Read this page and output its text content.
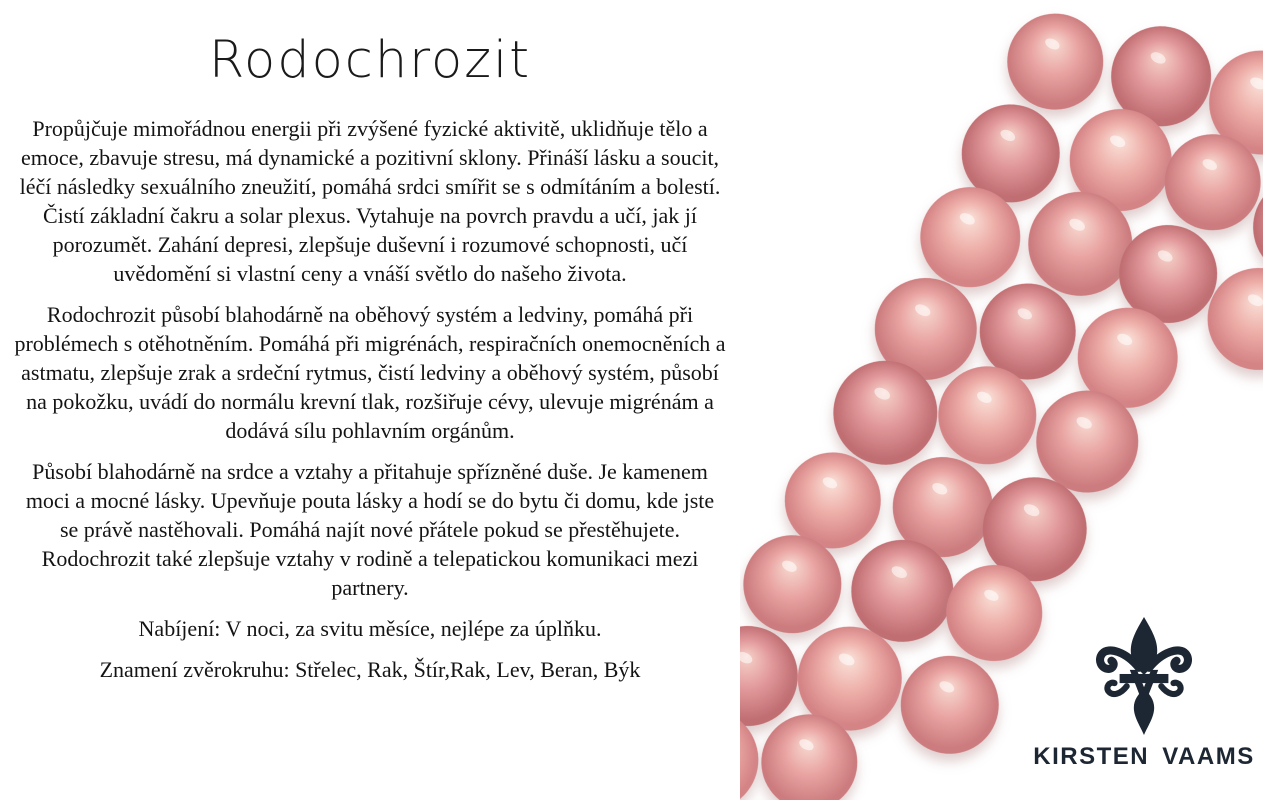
Rodochrozit

Propůjčuje mimořádnou energii při zvýšené fyzické aktivitě, uklidňuje tělo a emoce, zbavuje stresu, má dynamické a pozitivní sklony. Přináší lásku a soucit, léčí následky sexuálního zneužití, pomáhá srdci smířit se s odmítáním a bolestí. Čistí základní čakru a solar plexus. Vytahuje na povrch pravdu a učí, jak jí porozumět. Zahání depresi, zlepšuje duševní i rozumové schopnosti, učí uvědomění si vlastní ceny a vnáší světlo do našeho života.

Rodochrozit působí blahodárně na oběhový systém a ledviny, pomáhá při problémech s otěhotněním. Pomáhá při migrénách, respiračních onemocněních a astmatu, zlepšuje zrak a srdeční rytmus, čistí ledviny a oběhový systém, působí na pokožku, uvádí do normálu krevní tlak, rozšiřuje cévy, ulevuje migrénám a dodává sílu pohlavním orgánům.

Působí blahodárně na srdce a vztahy a přitahuje spřízněné duše. Je kamenem moci a mocné lásky. Upevňuje pouta lásky a hodí se do bytu či domu, kde jste se právě nastěhovali. Pomáhá najít nové přátele pokud se přestěhujete. Rodochrozit také zlepšuje vztahy v rodině a telepatickou komunikaci mezi partnery.

Nabíjení: V noci, za svitu měsíce, nejlépe za úplňku.

Znamení zvěrokruhu: Střelec, Rak, Štír,Rak, Lev, Beran, Býk

KIRSTEN VAAMS
